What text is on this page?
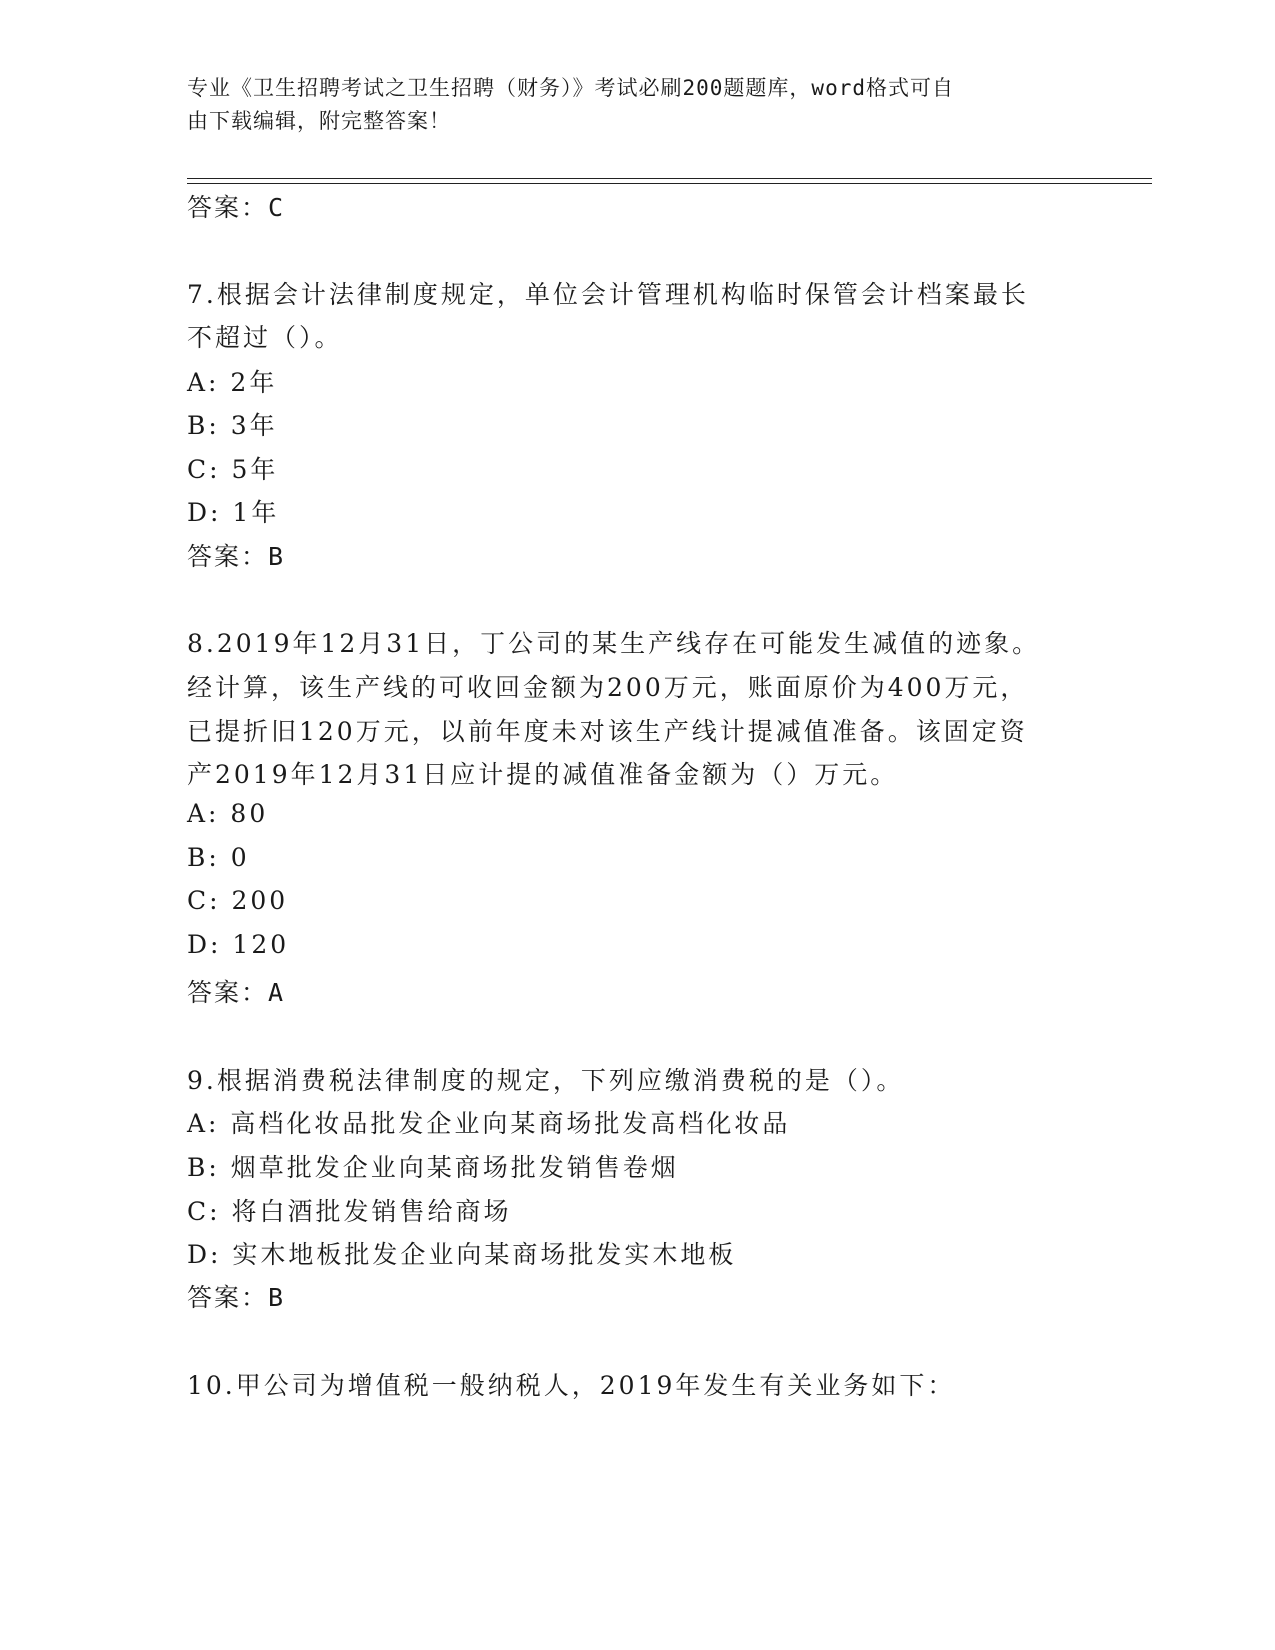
专业《卫生招聘考试之卫生招聘（财务）》考试必刷200题题库，word格式可自
由下载编辑，附完整答案！
答案：C
7.根据会计法律制度规定，单位会计管理机构临时保管会计档案最长
不超过（）。
A: 2年
B: 3年
C: 5年
D: 1年
答案：B
8.2019年12月31日，丁公司的某生产线存在可能发生减值的迹象。
经计算，该生产线的可收回金额为200万元，账面原价为400万元，
已提折旧120万元，以前年度未对该生产线计提减值准备。该固定资
产2019年12月31日应计提的减值准备金额为（）万元。
A: 80
B: 0
C: 200
D: 120
答案：A
9.根据消费税法律制度的规定，下列应缴消费税的是（）。
A: 高档化妆品批发企业向某商场批发高档化妆品
B: 烟草批发企业向某商场批发销售卷烟
C: 将白酒批发销售给商场
D: 实木地板批发企业向某商场批发实木地板
答案：B
10.甲公司为增值税一般纳税人，2019年发生有关业务如下：
